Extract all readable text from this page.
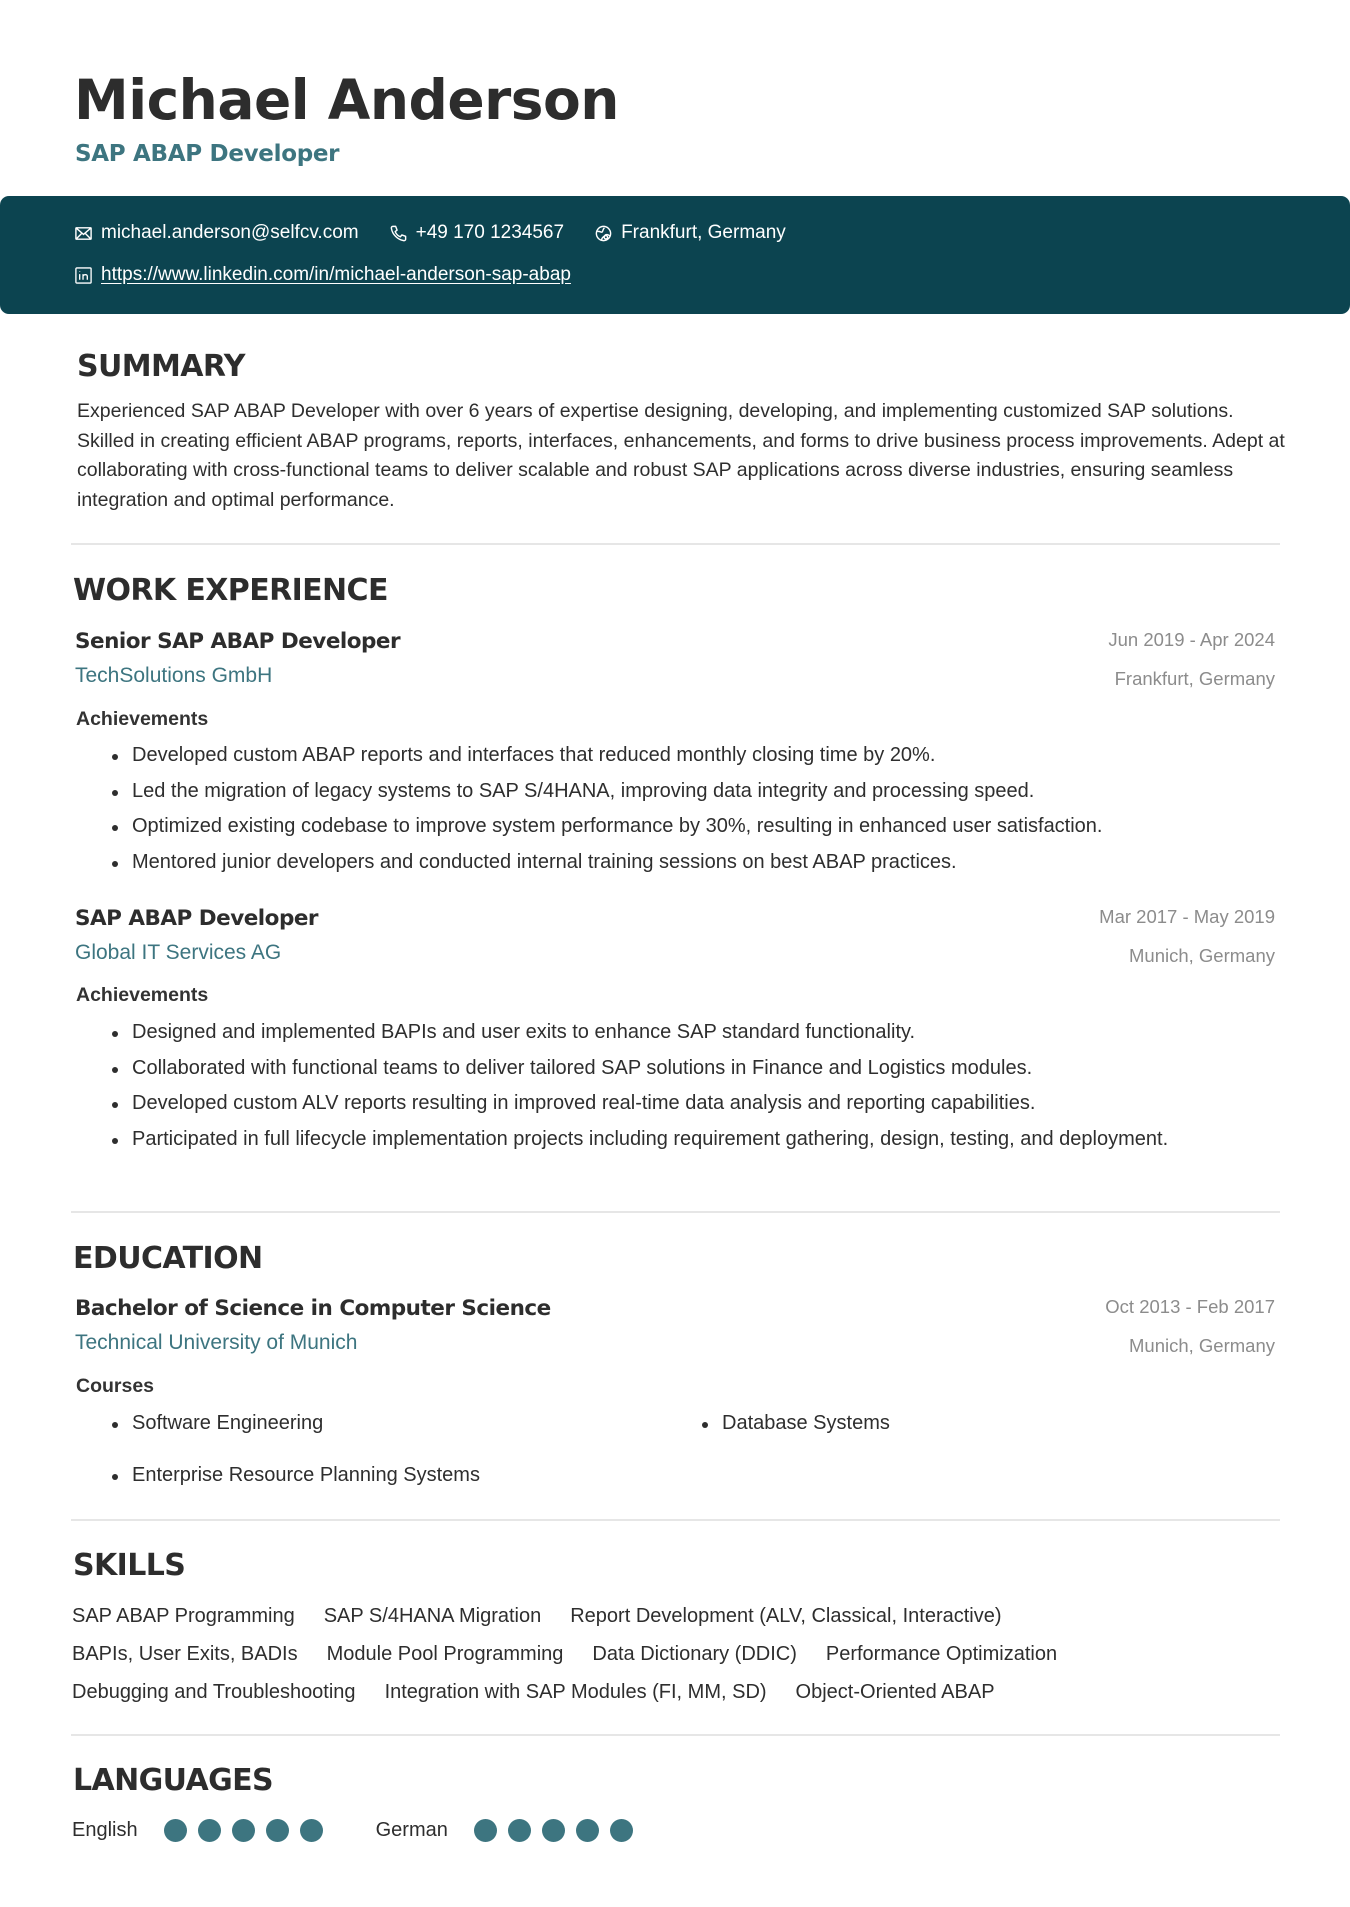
Michael Anderson
SAP ABAP Developer
michael.anderson@selfcv.com	+49 170 1234567	Frankfurt, Germany
https://www.linkedin.com/in/michael-anderson-sap-abap
SUMMARY
Experienced SAP ABAP Developer with over 6 years of expertise designing, developing, and implementing customized SAP solutions. Skilled in creating efficient ABAP programs, reports, interfaces, enhancements, and forms to drive business process improvements. Adept at collaborating with cross-functional teams to deliver scalable and robust SAP applications across diverse industries, ensuring seamless integration and optimal performance.
WORK EXPERIENCE
Senior SAP ABAP Developer
TechSolutions GmbH
Jun 2019 - Apr 2024
Frankfurt, Germany
Achievements
Developed custom ABAP reports and interfaces that reduced monthly closing time by 20%.
Led the migration of legacy systems to SAP S/4HANA, improving data integrity and processing speed.
Optimized existing codebase to improve system performance by 30%, resulting in enhanced user satisfaction.
Mentored junior developers and conducted internal training sessions on best ABAP practices.
SAP ABAP Developer
Global IT Services AG
Mar 2017 - May 2019
Munich, Germany
Achievements
Designed and implemented BAPIs and user exits to enhance SAP standard functionality.
Collaborated with functional teams to deliver tailored SAP solutions in Finance and Logistics modules.
Developed custom ALV reports resulting in improved real-time data analysis and reporting capabilities.
Participated in full lifecycle implementation projects including requirement gathering, design, testing, and deployment.
EDUCATION
Bachelor of Science in Computer Science
Technical University of Munich
Oct 2013 - Feb 2017
Munich, Germany
Courses
Software Engineering	Database Systems
Enterprise Resource Planning Systems
SKILLS
SAP ABAP Programming SAP S/4HANA Migration Report Development (ALV, Classical, Interactive)
BAPIs, User Exits, BADIs Module Pool Programming Data Dictionary (DDIC) Performance Optimization
Debugging and Troubleshooting Integration with SAP Modules (FI, MM, SD) Object-Oriented ABAP
LANGUAGES
English	German
